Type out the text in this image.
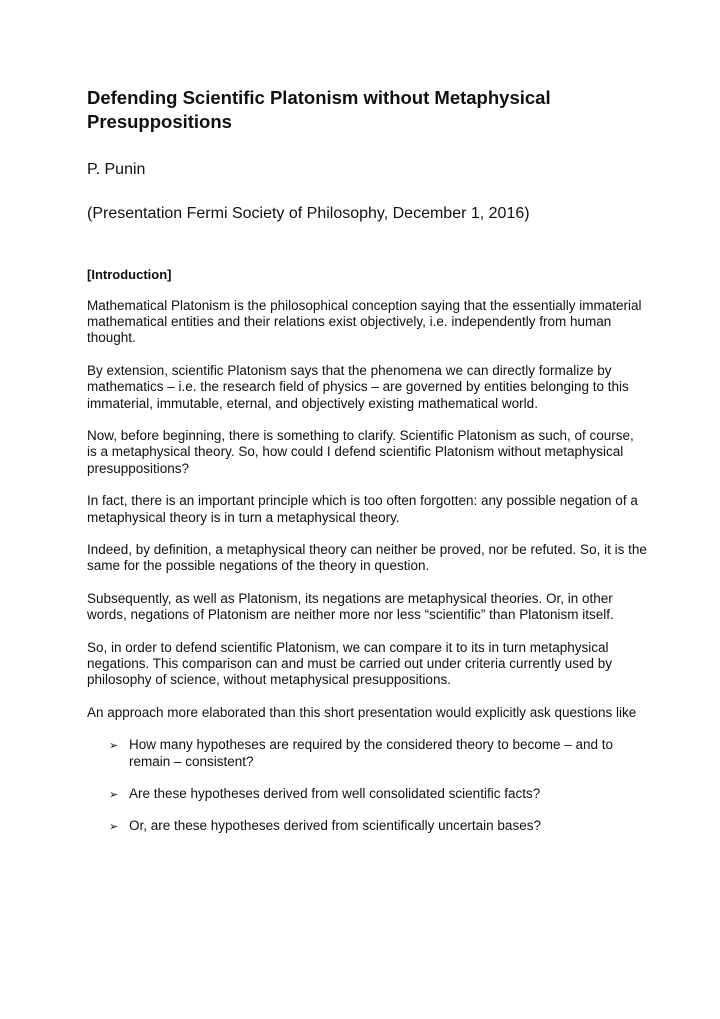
Defending Scientific Platonism without Metaphysical Presuppositions

P. Punin

(Presentation Fermi Society of Philosophy, December 1, 2016)

[Introduction]

Mathematical Platonism is the philosophical conception saying that the essentially immaterial mathematical entities and their relations exist objectively, i.e. independently from human thought.

By extension, scientific Platonism says that the phenomena we can directly formalize by mathematics – i.e. the research field of physics – are governed by entities belonging to this immaterial, immutable, eternal, and objectively existing mathematical world.

Now, before beginning, there is something to clarify. Scientific Platonism as such, of course, is a metaphysical theory. So, how could I defend scientific Platonism without metaphysical presuppositions?

In fact, there is an important principle which is too often forgotten: any possible negation of a metaphysical theory is in turn a metaphysical theory.

Indeed, by definition, a metaphysical theory can neither be proved, nor be refuted. So, it is the same for the possible negations of the theory in question.

Subsequently, as well as Platonism, its negations are metaphysical theories. Or, in other words, negations of Platonism are neither more nor less “scientific” than Platonism itself.

So, in order to defend scientific Platonism, we can compare it to its in turn metaphysical negations. This comparison can and must be carried out under criteria currently used by philosophy of science, without metaphysical presuppositions.

An approach more elaborated than this short presentation would explicitly ask questions like

➢ How many hypotheses are required by the considered theory to become – and to remain – consistent?
➢ Are these hypotheses derived from well consolidated scientific facts?
➢ Or, are these hypotheses derived from scientifically uncertain bases?
